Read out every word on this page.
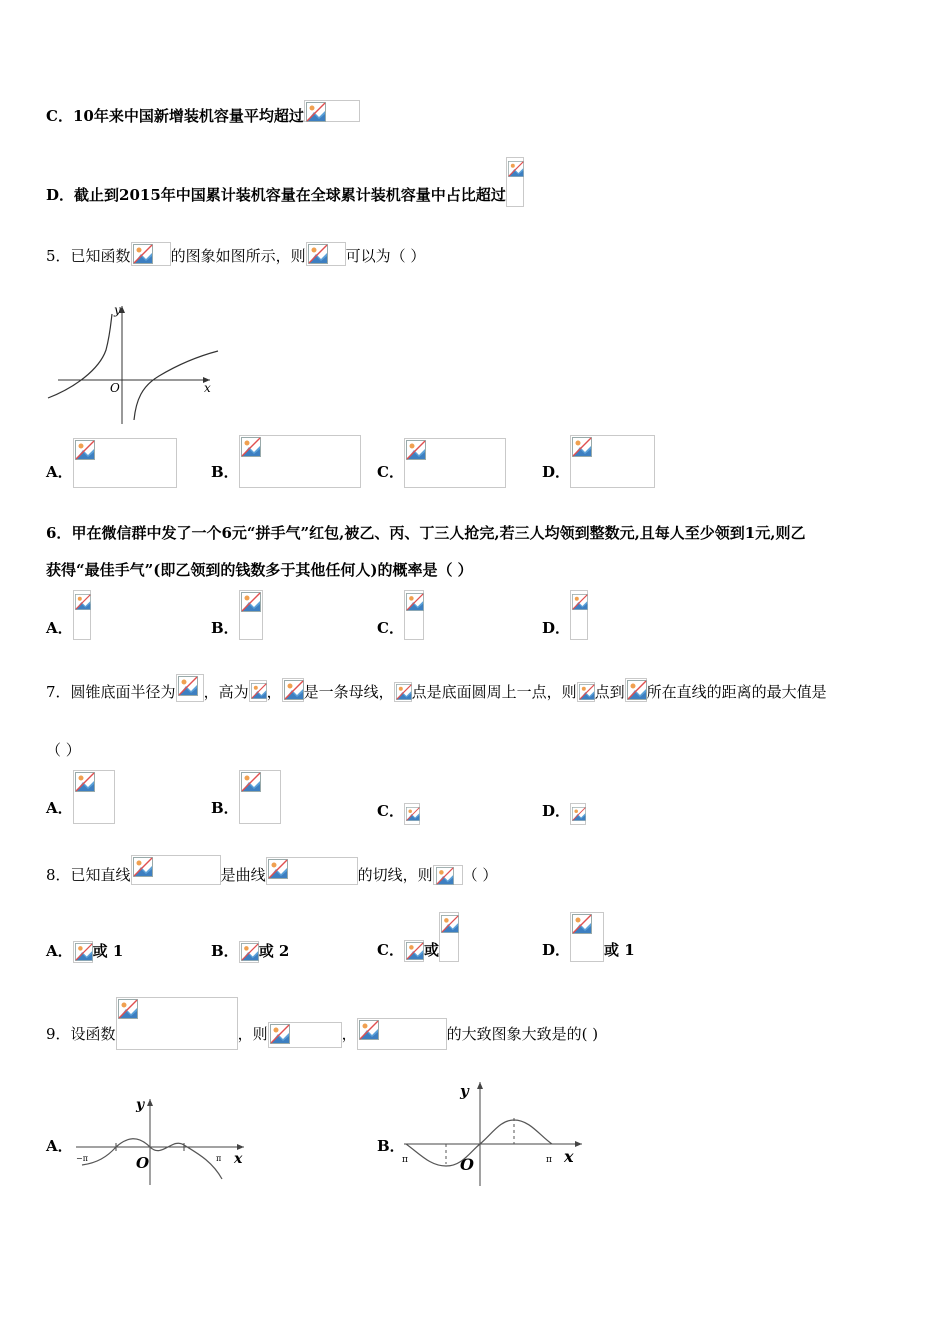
C． 10年来中国新增装机容量平均超过
D． 截止到2015年中国累计装机容量在全球累计装机容量中占比超过
5． 已知函数	的图象如图所示，则	可以为（ ）
y
O	x
A．	B．	C．	D．
6．甲在微信群中发了一个6元“拼手气”红包,被乙、丙、丁三人抢完,若三人均领到整数元,且每人至少领到1元,则乙
获得“最佳手气”(即乙领到的钱数多于其他任何人)的概率是（ ）
A．	B．	C．	D．
7． 圆锥底面半径为 ，高为 ， 是一条母线， 点是底面圆周上一点，则 点到 所在直线的距离的最大值是
（ ）
A．	B．	C．	D．
8． 已知直线	是曲线	的切线，则 （ ）
A． 或 1	B． 或 2	C． 或	D． 或 1
9． 设函数	，则	，	的大致图象大致是的( )
A．
y
O	x
−π	π
B．
y
O	x
π	π
